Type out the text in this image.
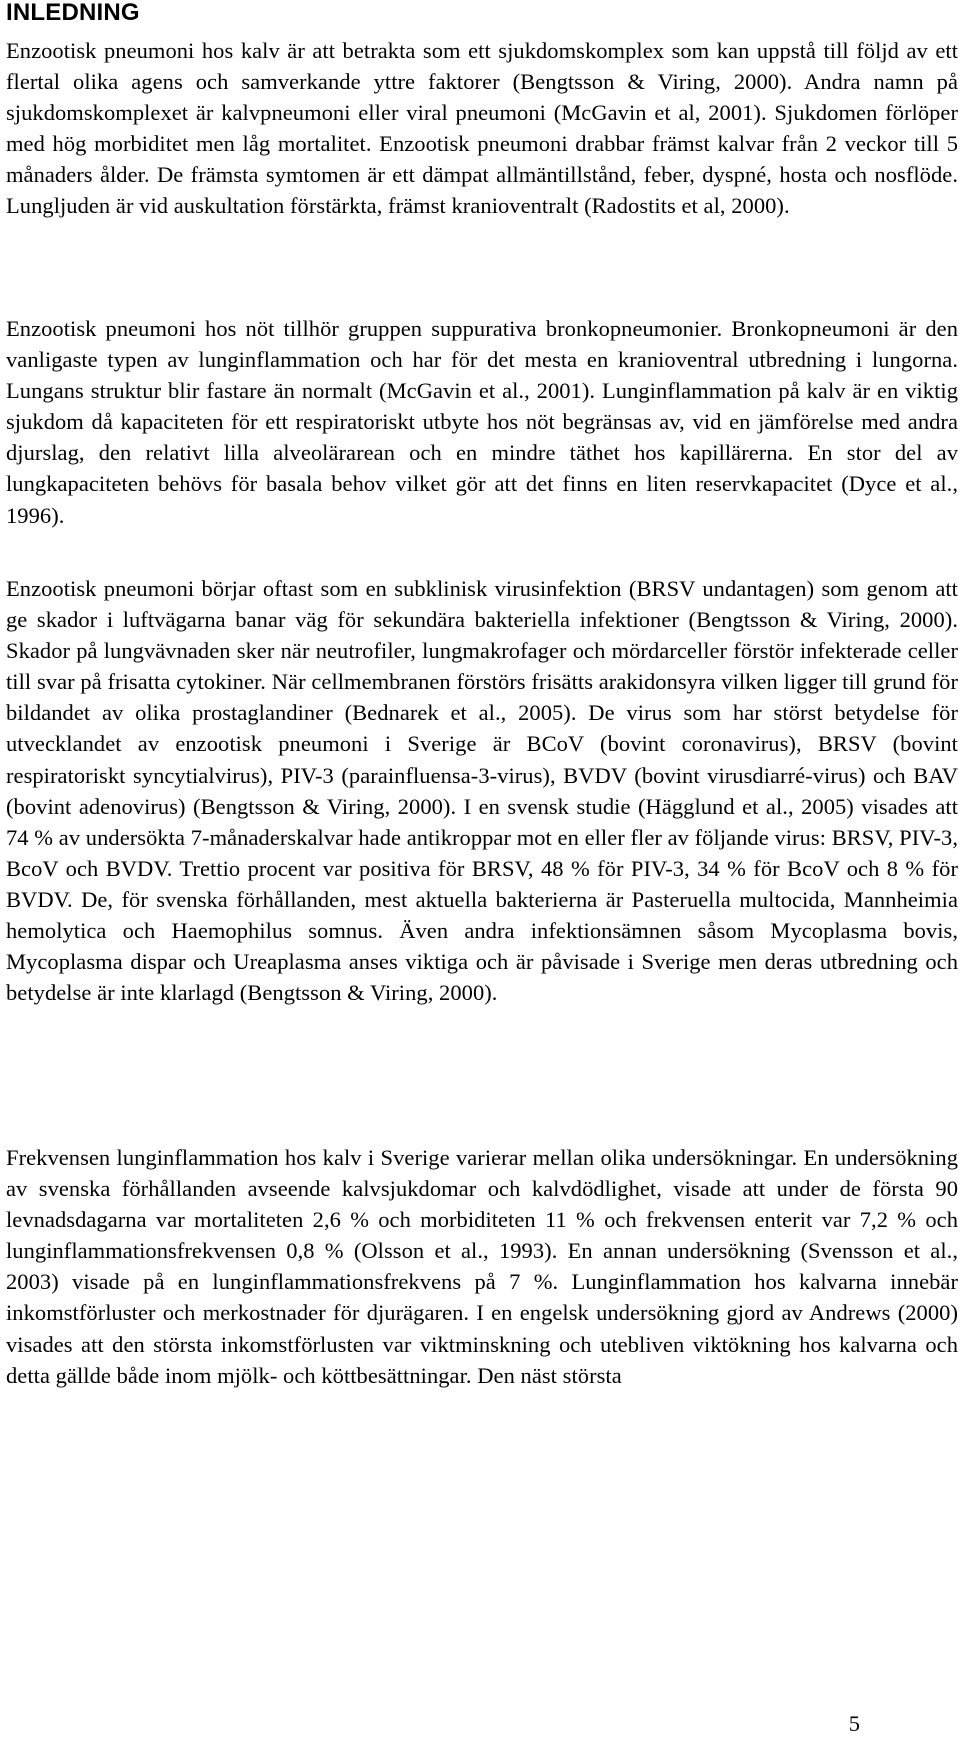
INLEDNING

Enzootisk pneumoni hos kalv är att betrakta som ett sjukdomskomplex som kan uppstå till följd av ett flertal olika agens och samverkande yttre faktorer (Bengtsson & Viring, 2000). Andra namn på sjukdomskomplexet är kalvpneumoni eller viral pneumoni (McGavin et al, 2001). Sjukdomen förlöper med hög morbiditet men låg mortalitet. Enzootisk pneumoni drabbar främst kalvar från 2 veckor till 5 månaders ålder. De främsta symtomen är ett dämpat allmäntillstånd, feber, dyspné, hosta och nosflöde. Lungljuden är vid auskultation förstärkta, främst kranioventralt (Radostits et al, 2000).

Enzootisk pneumoni hos nöt tillhör gruppen suppurativa bronkopneumonier. Bronkopneumoni är den vanligaste typen av lunginflammation och har för det mesta en kranioventral utbredning i lungorna. Lungans struktur blir fastare än normalt (McGavin et al., 2001). Lunginflammation på kalv är en viktig sjukdom då kapaciteten för ett respiratoriskt utbyte hos nöt begränsas av, vid en jämförelse med andra djurslag, den relativt lilla alveolärarean och en mindre täthet hos kapillärerna. En stor del av lungkapaciteten behövs för basala behov vilket gör att det finns en liten reservkapacitet (Dyce et al., 1996).

Enzootisk pneumoni börjar oftast som en subklinisk virusinfektion (BRSV undantagen) som genom att ge skador i luftvägarna banar väg för sekundära bakteriella infektioner (Bengtsson & Viring, 2000). Skador på lungvävnaden sker när neutrofiler, lungmakrofager och mördarceller förstör infekterade celler till svar på frisatta cytokiner. När cellmembranen förstörs frisätts arakidonsyra vilken ligger till grund för bildandet av olika prostaglandiner (Bednarek et al., 2005). De virus som har störst betydelse för utvecklandet av enzootisk pneumoni i Sverige är BCoV (bovint coronavirus), BRSV (bovint respiratoriskt syncytialvirus), PIV-3 (parainfluensa-3-virus), BVDV (bovint virusdiarré-virus) och BAV (bovint adenovirus) (Bengtsson & Viring, 2000). I en svensk studie (Hägglund et al., 2005) visades att 74 % av undersökta 7-månaderskalvar hade antikroppar mot en eller fler av följande virus: BRSV, PIV-3, BcoV och BVDV. Trettio procent var positiva för BRSV, 48 % för PIV-3, 34 % för BcoV och 8 % för BVDV. De, för svenska förhållanden, mest aktuella bakterierna är Pasteruella multocida, Mannheimia hemolytica och Haemophilus somnus. Även andra infektionsämnen såsom Mycoplasma bovis, Mycoplasma dispar och Ureaplasma anses viktiga och är påvisade i Sverige men deras utbredning och betydelse är inte klarlagd (Bengtsson & Viring, 2000).

Frekvensen lunginflammation hos kalv i Sverige varierar mellan olika undersökningar. En undersökning av svenska förhållanden avseende kalvsjukdomar och kalvdödlighet, visade att under de första 90 levnadsdagarna var mortaliteten 2,6 % och morbiditeten 11 % och frekvensen enterit var 7,2 % och lunginflammationsfrekvensen 0,8 % (Olsson et al., 1993). En annan undersökning (Svensson et al., 2003) visade på en lunginflammationsfrekvens på 7 %. Lunginflammation hos kalvarna innebär inkomstförluster och merkostnader för djurägaren. I en engelsk undersökning gjord av Andrews (2000) visades att den största inkomstförlusten var viktminskning och utebliven viktökning hos kalvarna och detta gällde både inom mjölk- och köttbesättningar. Den näst största

5
